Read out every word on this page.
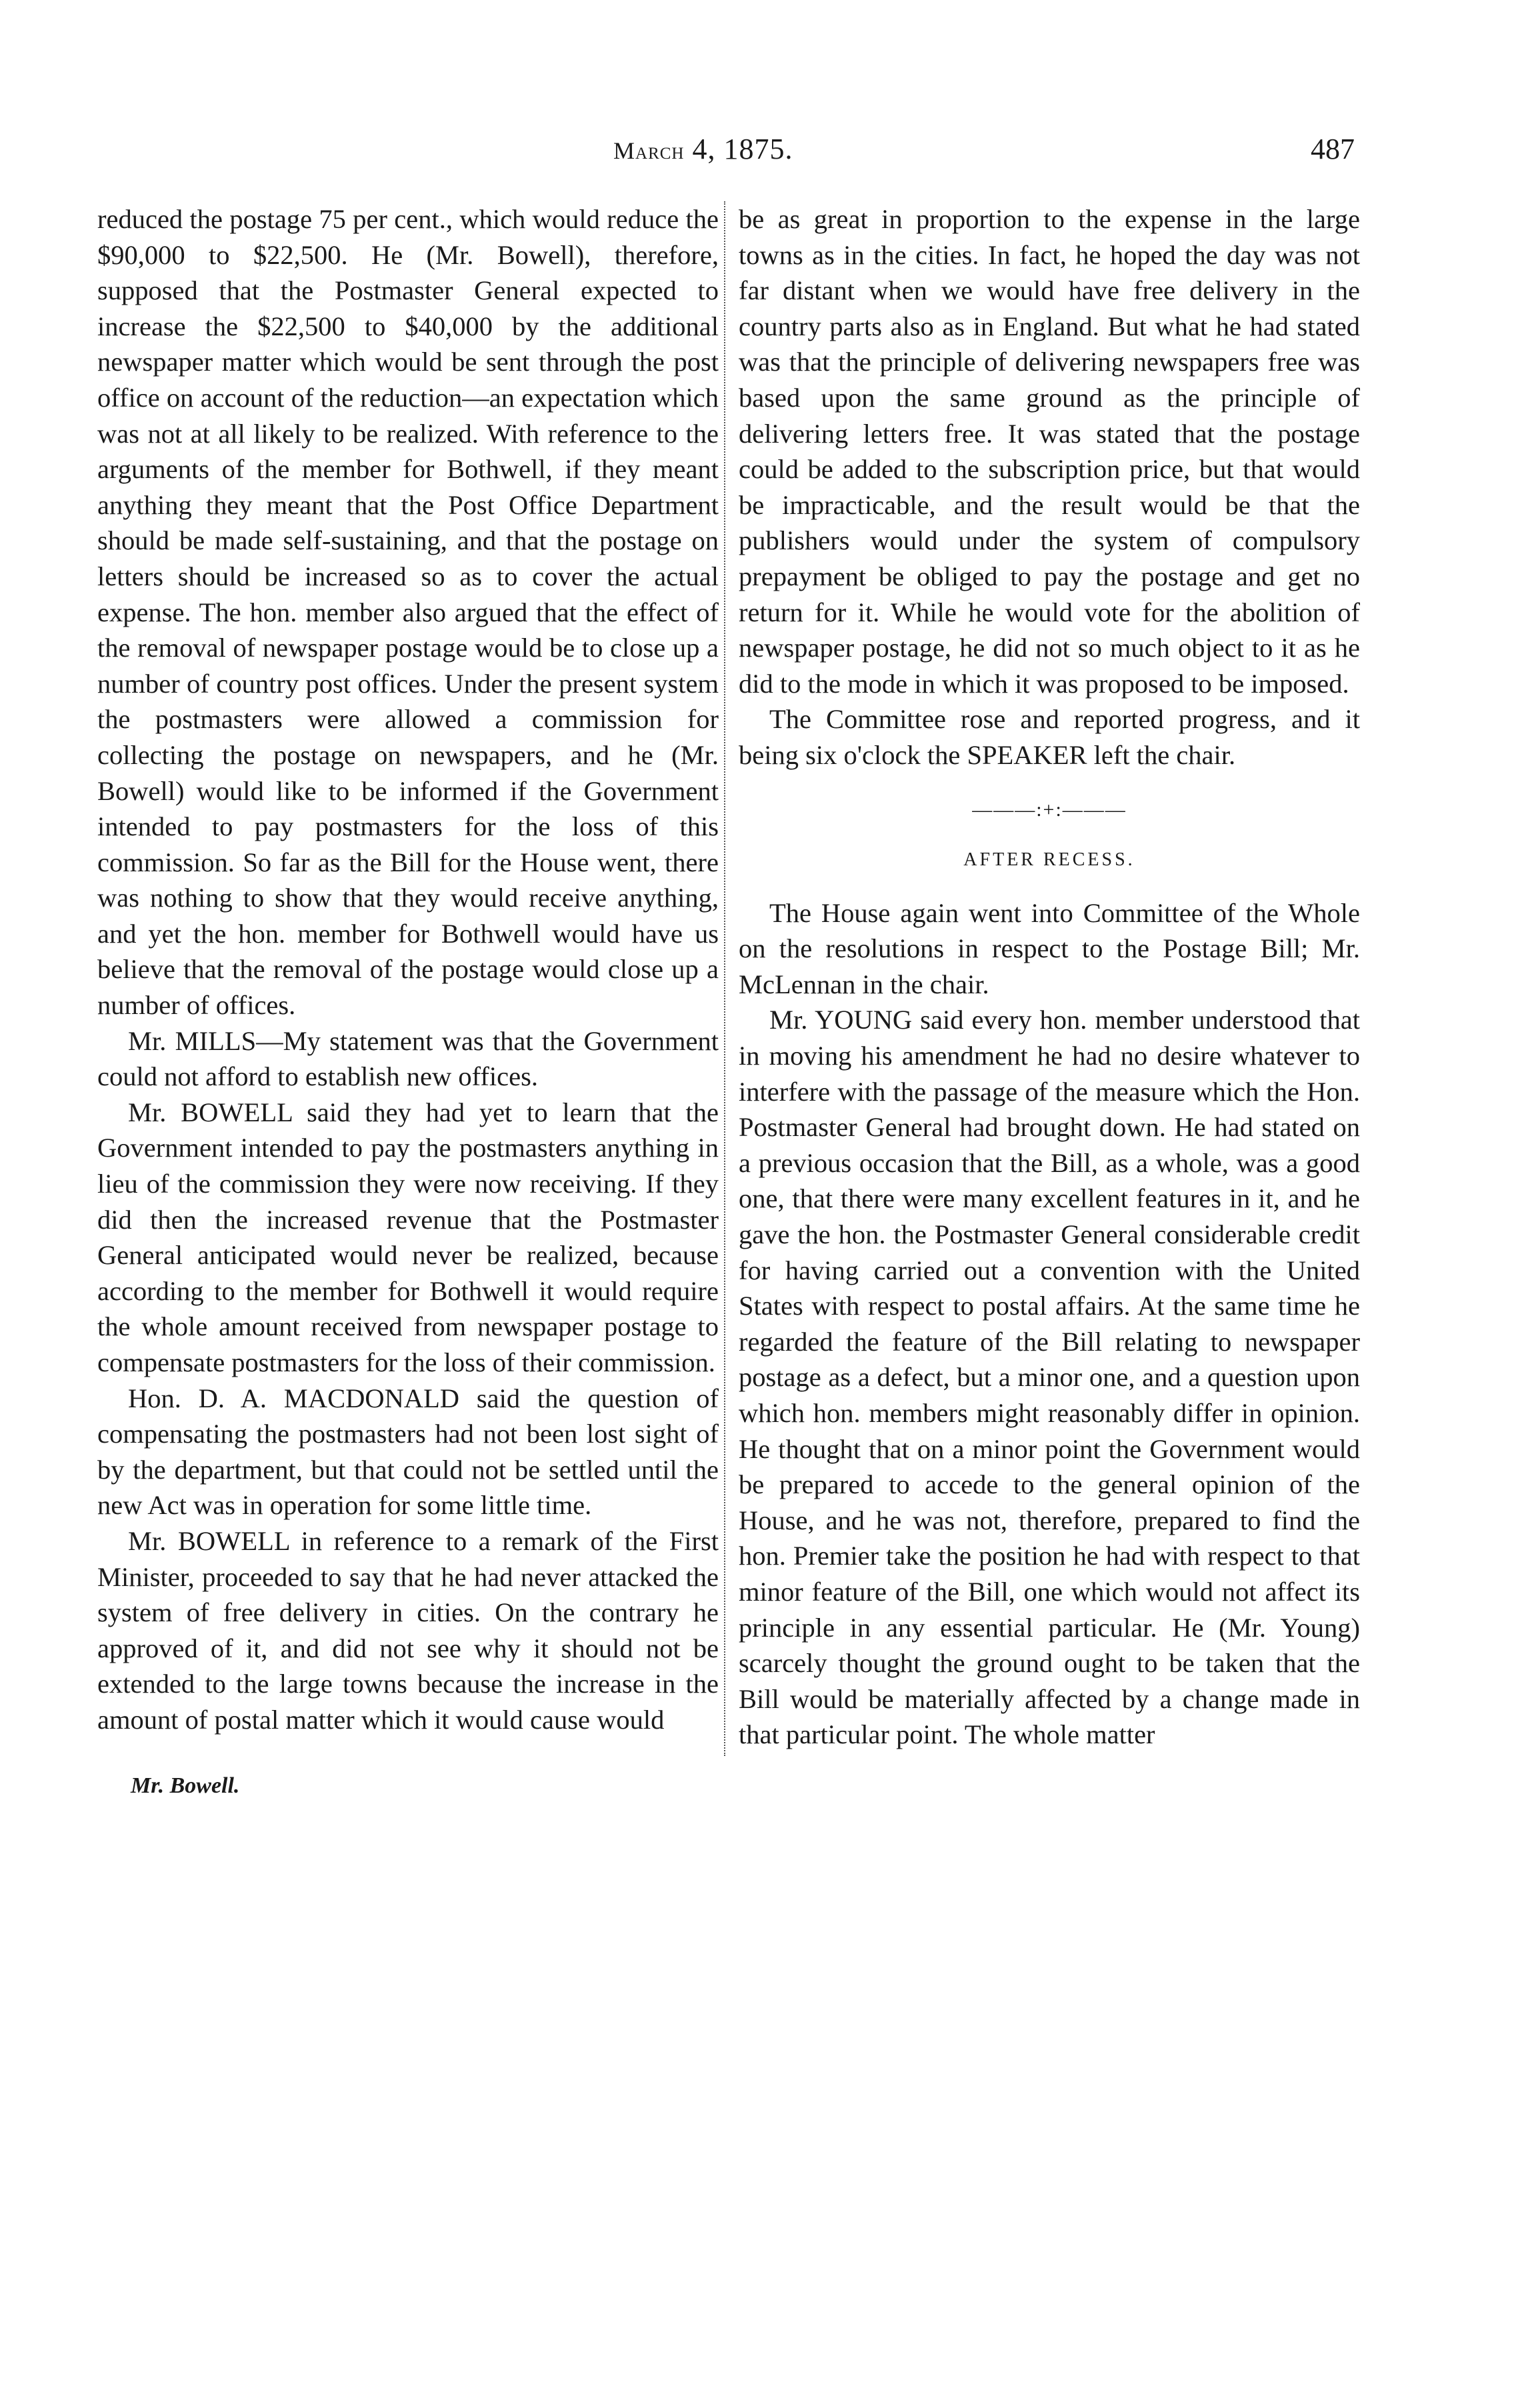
March 4, 1875.	487

reduced the postage 75 per cent., which would reduce the $90,000 to $22,500. He (Mr. Bowell), therefore, supposed that the Postmaster General expected to increase the $22,500 to $40,000 by the additional newspaper matter which would be sent through the post office on account of the reduction—an expectation which was not at all likely to be realized. With reference to the arguments of the member for Bothwell, if they meant anything they meant that the Post Office Department should be made self-sustaining, and that the postage on letters should be increased so as to cover the actual expense. The hon. member also argued that the effect of the removal of newspaper postage would be to close up a number of country post offices. Under the present system the postmasters were allowed a commission for collecting the postage on newspapers, and he (Mr. Bowell) would like to be informed if the Government intended to pay postmasters for the loss of this commission. So far as the Bill for the House went, there was nothing to show that they would receive anything, and yet the hon. member for Bothwell would have us believe that the removal of the postage would close up a number of offices.

Mr. MILLS—My statement was that the Government could not afford to establish new offices.

Mr. BOWELL said they had yet to learn that the Government intended to pay the postmasters anything in lieu of the commission they were now receiving. If they did then the increased revenue that the Postmaster General anticipated would never be realized, because according to the member for Bothwell it would require the whole amount received from newspaper postage to compensate postmasters for the loss of their commission.

Hon. D. A. MACDONALD said the question of compensating the postmasters had not been lost sight of by the department, but that could not be settled until the new Act was in operation for some little time.

Mr. BOWELL in reference to a remark of the First Minister, proceeded to say that he had never attacked the system of free delivery in cities. On the contrary he approved of it, and did not see why it should not be extended to the large towns because the increase in the amount of postal matter which it would cause would

be as great in proportion to the expense in the large towns as in the cities. In fact, he hoped the day was not far distant when we would have free delivery in the country parts also as in England. But what he had stated was that the principle of delivering newspapers free was based upon the same ground as the principle of delivering letters free. It was stated that the postage could be added to the subscription price, but that would be impracticable, and the result would be that the publishers would under the system of compulsory prepayment be obliged to pay the postage and get no return for it. While he would vote for the abolition of newspaper postage, he did not so much object to it as he did to the mode in which it was proposed to be imposed.

The Committee rose and reported progress, and it being six o'clock the SPEAKER left the chair.

———:+:———
AFTER RECESS.

The House again went into Committee of the Whole on the resolutions in respect to the Postage Bill; Mr. McLennan in the chair.

Mr. YOUNG said every hon. member understood that in moving his amendment he had no desire whatever to interfere with the passage of the measure which the Hon. Postmaster General had brought down. He had stated on a previous occasion that the Bill, as a whole, was a good one, that there were many excellent features in it, and he gave the hon. the Postmaster General considerable credit for having carried out a convention with the United States with respect to postal affairs. At the same time he regarded the feature of the Bill relating to newspaper postage as a defect, but a minor one, and a question upon which hon. members might reasonably differ in opinion. He thought that on a minor point the Government would be prepared to accede to the general opinion of the House, and he was not, therefore, prepared to find the hon. Premier take the position he had with respect to that minor feature of the Bill, one which would not affect its principle in any essential particular. He (Mr. Young) scarcely thought the ground ought to be taken that the Bill would be materially affected by a change made in that particular point. The whole matter

Mr. Bowell.
